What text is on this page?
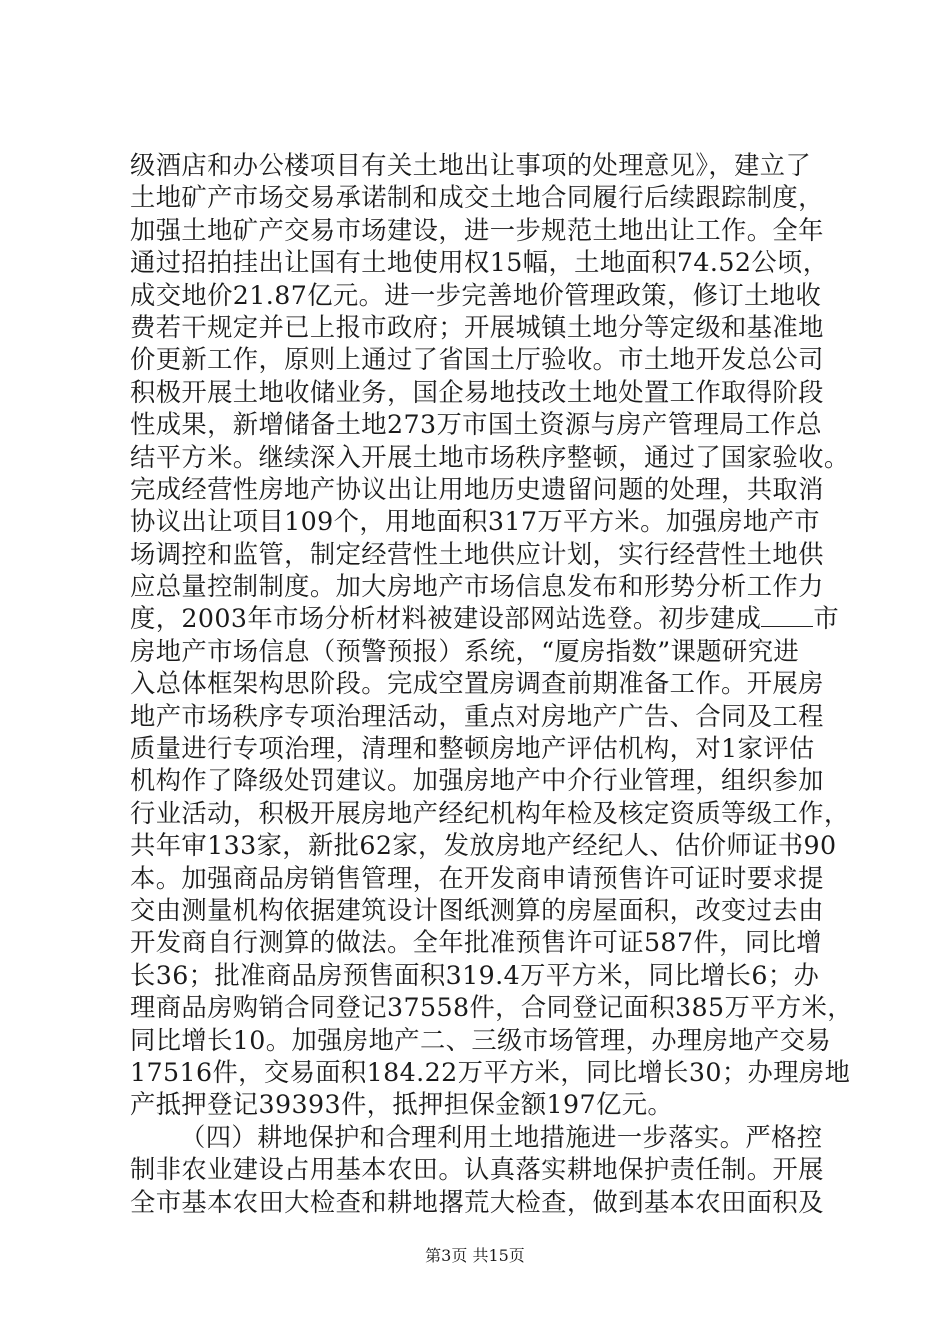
级酒店和办公楼项目有关土地出让事项的处理意见》，建立了
土地矿产市场交易承诺制和成交土地合同履行后续跟踪制度，
加强土地矿产交易市场建设，进一步规范土地出让工作。全年
通过招拍挂出让国有土地使用权15幅，土地面积74.52公顷，
成交地价21.87亿元。进一步完善地价管理政策，修订土地收
费若干规定并已上报市政府；开展城镇土地分等定级和基准地
价更新工作，原则上通过了省国土厅验收。市土地开发总公司
积极开展土地收储业务，国企易地技改土地处置工作取得阶段
性成果，新增储备土地273万市国土资源与房产管理局工作总
结平方米。继续深入开展土地市场秩序整顿，通过了国家验收。
完成经营性房地产协议出让用地历史遗留问题的处理，共取消
协议出让项目109个，用地面积317万平方米。加强房地产市
场调控和监管，制定经营性土地供应计划，实行经营性土地供
应总量控制制度。加大房地产市场信息发布和形势分析工作力
度，2003年市场分析材料被建设部网站选登。初步建成 市
房地产市场信息（预警预报）系统，“厦房指数”课题研究进
入总体框架构思阶段。完成空置房调查前期准备工作。开展房
地产市场秩序专项治理活动，重点对房地产广告、合同及工程
质量进行专项治理，清理和整顿房地产评估机构，对1家评估
机构作了降级处罚建议。加强房地产中介行业管理，组织参加
行业活动，积极开展房地产经纪机构年检及核定资质等级工作，
共年审133家，新批62家，发放房地产经纪人、估价师证书90
本。加强商品房销售管理，在开发商申请预售许可证时要求提
交由测量机构依据建筑设计图纸测算的房屋面积，改变过去由
开发商自行测算的做法。全年批准预售许可证587件，同比增
长36；批准商品房预售面积319.4万平方米，同比增长6；办
理商品房购销合同登记37558件，合同登记面积385万平方米，
同比增长10。加强房地产二、三级市场管理，办理房地产交易
17516件，交易面积184.22万平方米，同比增长30；办理房地
产抵押登记39393件，抵押担保金额197亿元。
（四）耕地保护和合理利用土地措施进一步落实。严格控
制非农业建设占用基本农田。认真落实耕地保护责任制。开展
全市基本农田大检查和耕地撂荒大检查，做到基本农田面积及
第3页 共15页
